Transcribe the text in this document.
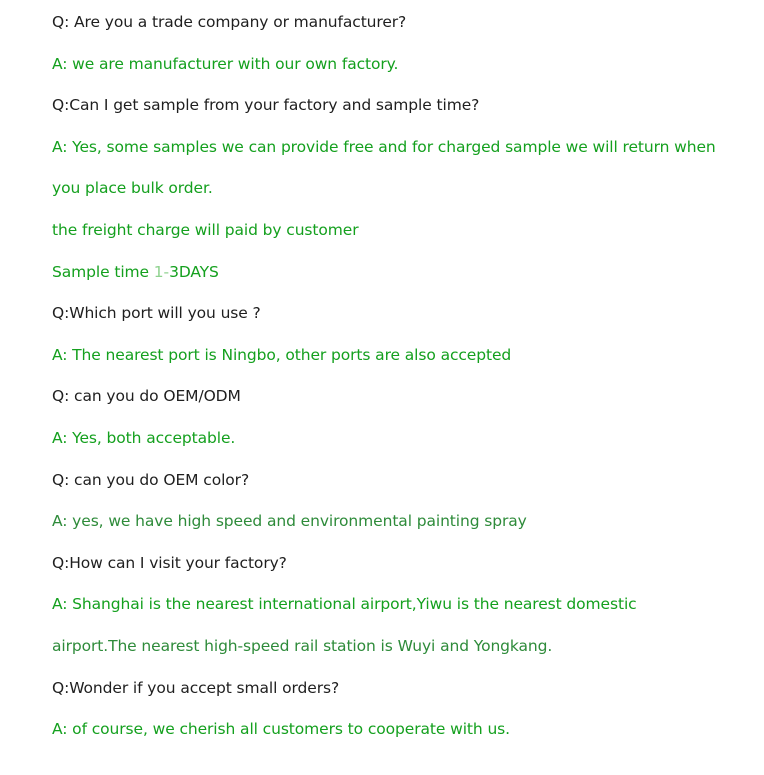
Q: Are you a trade company or manufacturer?
A: we are manufacturer with our own factory.
Q:Can I get sample from your factory and sample time?
A: Yes, some samples we can provide free and for charged sample we will return when
you place bulk order.
the freight charge will paid by customer
Sample time 1-3DAYS
Q:Which port will you use ?
A: The nearest port is Ningbo, other ports are also accepted
Q: can you do OEM/ODM
A: Yes, both acceptable.
Q: can you do OEM color?
A: yes, we have high speed and environmental painting spray
Q:How can I visit your factory?
A: Shanghai is the nearest international airport,Yiwu is the nearest domestic
airport.The nearest high-speed rail station is Wuyi and Yongkang.
Q:Wonder if you accept small orders?
A: of course, we cherish all customers to cooperate with us.
